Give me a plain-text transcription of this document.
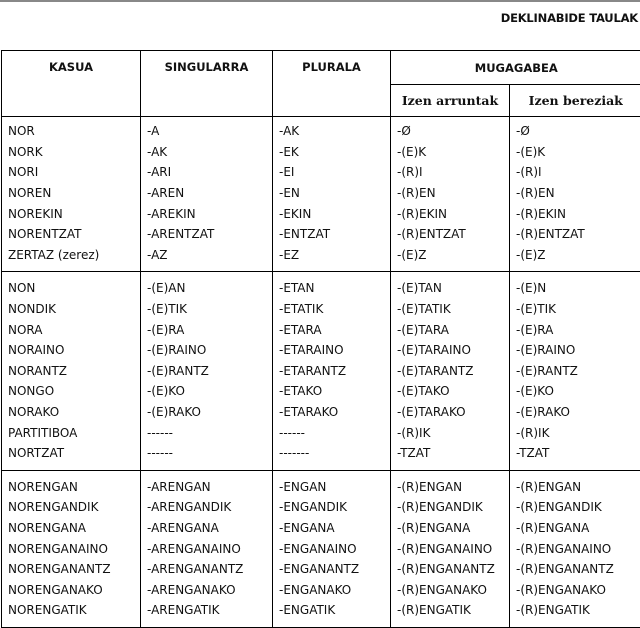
DEKLINABIDE TAULAK
KASUA	SINGULARRA	PLURALA	MUGAGABEA	
			Izen arruntak	Izen bereziak
NOR	-A	-AK	-Ø	-Ø
NORK	-AK	-EK	-(E)K	-(E)K
NORI	-ARI	-EI	-(R)I	-(R)I
NOREN	-AREN	-EN	-(R)EN	-(R)EN
NOREKIN	-AREKIN	-EKIN	-(R)EKIN	-(R)EKIN
NORENTZAT	-ARENTZAT	-ENTZAT	-(R)ENTZAT	-(R)ENTZAT
ZERTAZ (zerez)	-AZ	-EZ	-(E)Z	-(E)Z
NON	-(E)AN	-ETAN	-(E)TAN	-(E)N
NONDIK	-(E)TIK	-ETATIK	-(E)TATIK	-(E)TIK
NORA	-(E)RA	-ETARA	-(E)TARA	-(E)RA
NORAINO	-(E)RAINO	-ETARAINO	-(E)TARAINO	-(E)RAINO
NORANTZ	-(E)RANTZ	-ETARANTZ	-(E)TARANTZ	-(E)RANTZ
NONGO	-(E)KO	-ETAKO	-(E)TAKO	-(E)KO
NORAKO	-(E)RAKO	-ETARAKO	-(E)TARAKO	-(E)RAKO
PARTITIBOA	------	------	-(R)IK	-(R)IK
NORTZAT	------	-------	-TZAT	-TZAT
NORENGAN	-ARENGAN	-ENGAN	-(R)ENGAN	-(R)ENGAN
NORENGANDIK	-ARENGANDIK	-ENGANDIK	-(R)ENGANDIK	-(R)ENGANDIK
NORENGANA	-ARENGANA	-ENGANA	-(R)ENGANA	-(R)ENGANA
NORENGANAINO	-ARENGANAINO	-ENGANAINO	-(R)ENGANAINO	-(R)ENGANAINO
NORENGANANTZ	-ARENGANANTZ	-ENGANANTZ	-(R)ENGANANTZ	-(R)ENGANANTZ
NORENGANAKO	-ARENGANAKO	-ENGANAKO	-(R)ENGANAKO	-(R)ENGANAKO
NORENGATIK	-ARENGATIK	-ENGATIK	-(R)ENGATIK	-(R)ENGATIK
